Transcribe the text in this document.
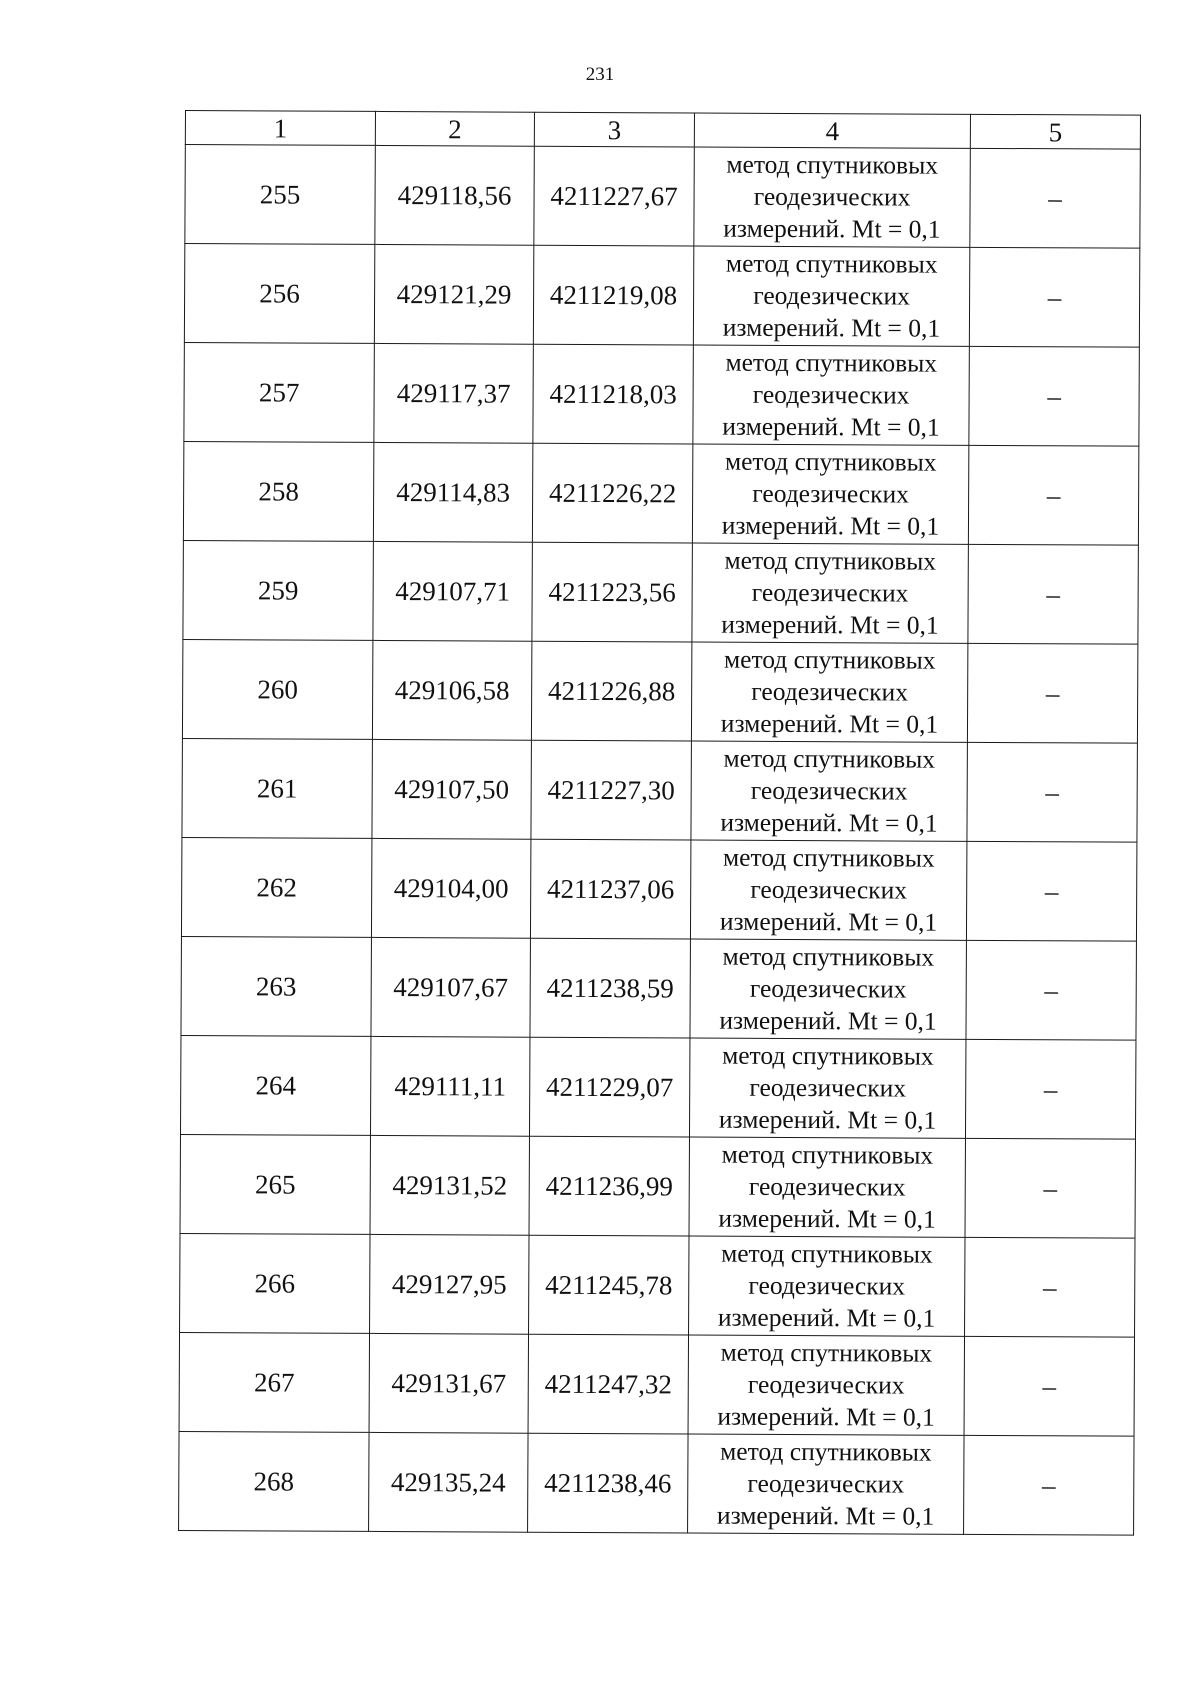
231
1	2	3	4	5
255	429118,56	4211227,67	метод спутниковых
геодезических
измерений. Mt = 0,1	–
256	429121,29	4211219,08	метод спутниковых
геодезических
измерений. Mt = 0,1	–
257	429117,37	4211218,03	метод спутниковых
геодезических
измерений. Mt = 0,1	–
258	429114,83	4211226,22	метод спутниковых
геодезических
измерений. Mt = 0,1	–
259	429107,71	4211223,56	метод спутниковых
геодезических
измерений. Mt = 0,1	–
260	429106,58	4211226,88	метод спутниковых
геодезических
измерений. Mt = 0,1	–
261	429107,50	4211227,30	метод спутниковых
геодезических
измерений. Mt = 0,1	–
262	429104,00	4211237,06	метод спутниковых
геодезических
измерений. Mt = 0,1	–
263	429107,67	4211238,59	метод спутниковых
геодезических
измерений. Mt = 0,1	–
264	429111,11	4211229,07	метод спутниковых
геодезических
измерений. Mt = 0,1	–
265	429131,52	4211236,99	метод спутниковых
геодезических
измерений. Mt = 0,1	–
266	429127,95	4211245,78	метод спутниковых
геодезических
измерений. Mt = 0,1	–
267	429131,67	4211247,32	метод спутниковых
геодезических
измерений. Mt = 0,1	–
268	429135,24	4211238,46	метод спутниковых
геодезических
измерений. Mt = 0,1	–
